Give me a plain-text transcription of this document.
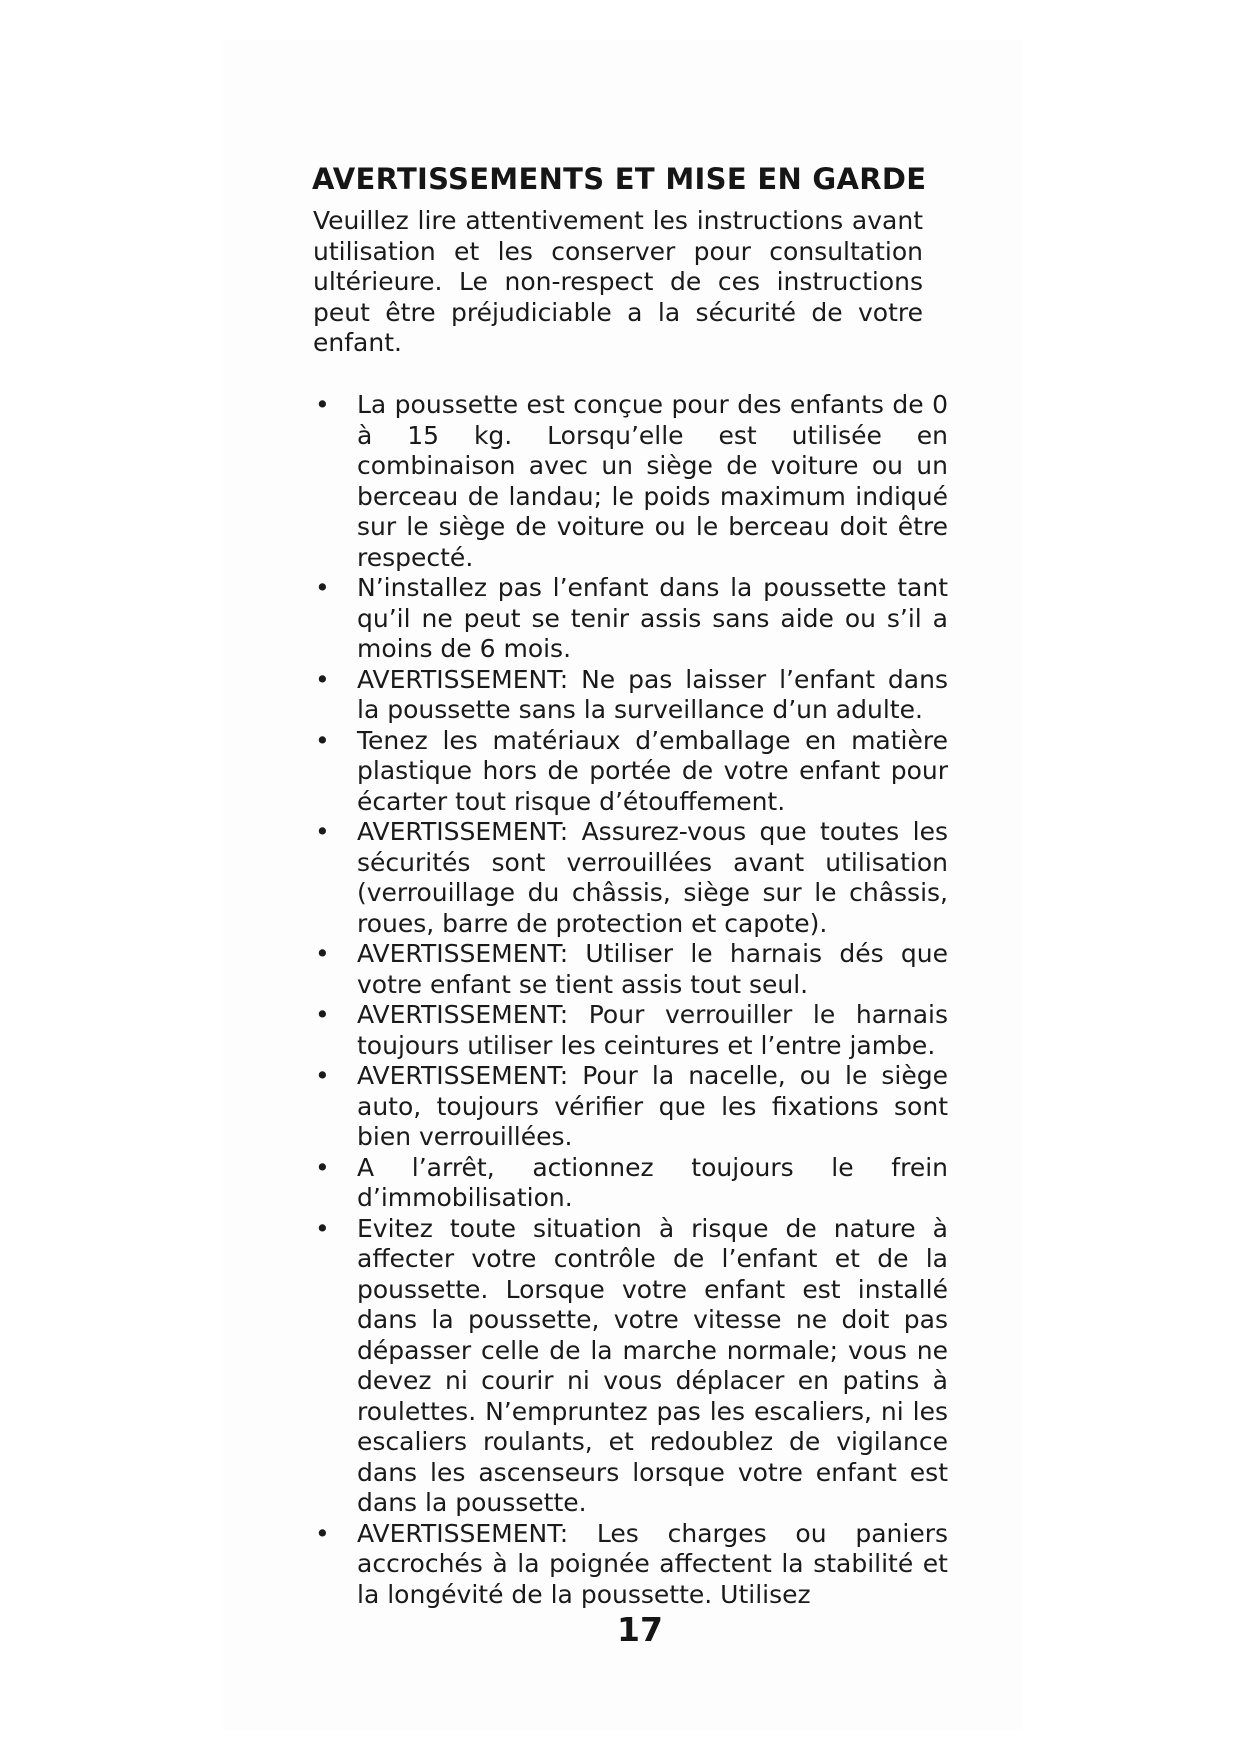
AVERTISSEMENTS ET MISE EN GARDE

Veuillez lire attentivement les instructions avant utilisation et les conserver pour consultation ultérieure. Le non-respect de ces instructions peut être préjudiciable a la sécurité de votre enfant.

• La poussette est conçue pour des enfants de 0 à 15 kg. Lorsqu’elle est utilisée en combinaison avec un siège de voiture ou un berceau de landau; le poids maximum indiqué sur le siège de voiture ou le berceau doit être respecté.
• N’installez pas l’enfant dans la poussette tant qu’il ne peut se tenir assis sans aide ou s’il a moins de 6 mois.
• AVERTISSEMENT: Ne pas laisser l’enfant dans la poussette sans la surveillance d’un adulte.
• Tenez les matériaux d’emballage en matière plastique hors de portée de votre enfant pour écarter tout risque d’étouffement.
• AVERTISSEMENT: Assurez-vous que toutes les sécurités sont verrouillées avant utilisation (verrouillage du châssis, siège sur le châssis, roues, barre de protection et capote).
• AVERTISSEMENT: Utiliser le harnais dés que votre enfant se tient assis tout seul.
• AVERTISSEMENT: Pour verrouiller le harnais toujours utiliser les ceintures et l’entre jambe.
• AVERTISSEMENT: Pour la nacelle, ou le siège auto, toujours vérifier que les fixations sont bien verrouillées.
• A l’arrêt, actionnez toujours le frein d’immobilisation.
• Evitez toute situation à risque de nature à affecter votre contrôle de l’enfant et de la poussette. Lorsque votre enfant est installé dans la poussette, votre vitesse ne doit pas dépasser celle de la marche normale; vous ne devez ni courir ni vous déplacer en patins à roulettes. N’empruntez pas les escaliers, ni les escaliers roulants, et redoublez de vigilance dans les ascenseurs lorsque votre enfant est dans la poussette.
• AVERTISSEMENT: Les charges ou paniers accrochés à la poignée affectent la stabilité et la longévité de la poussette. Utilisez
17
